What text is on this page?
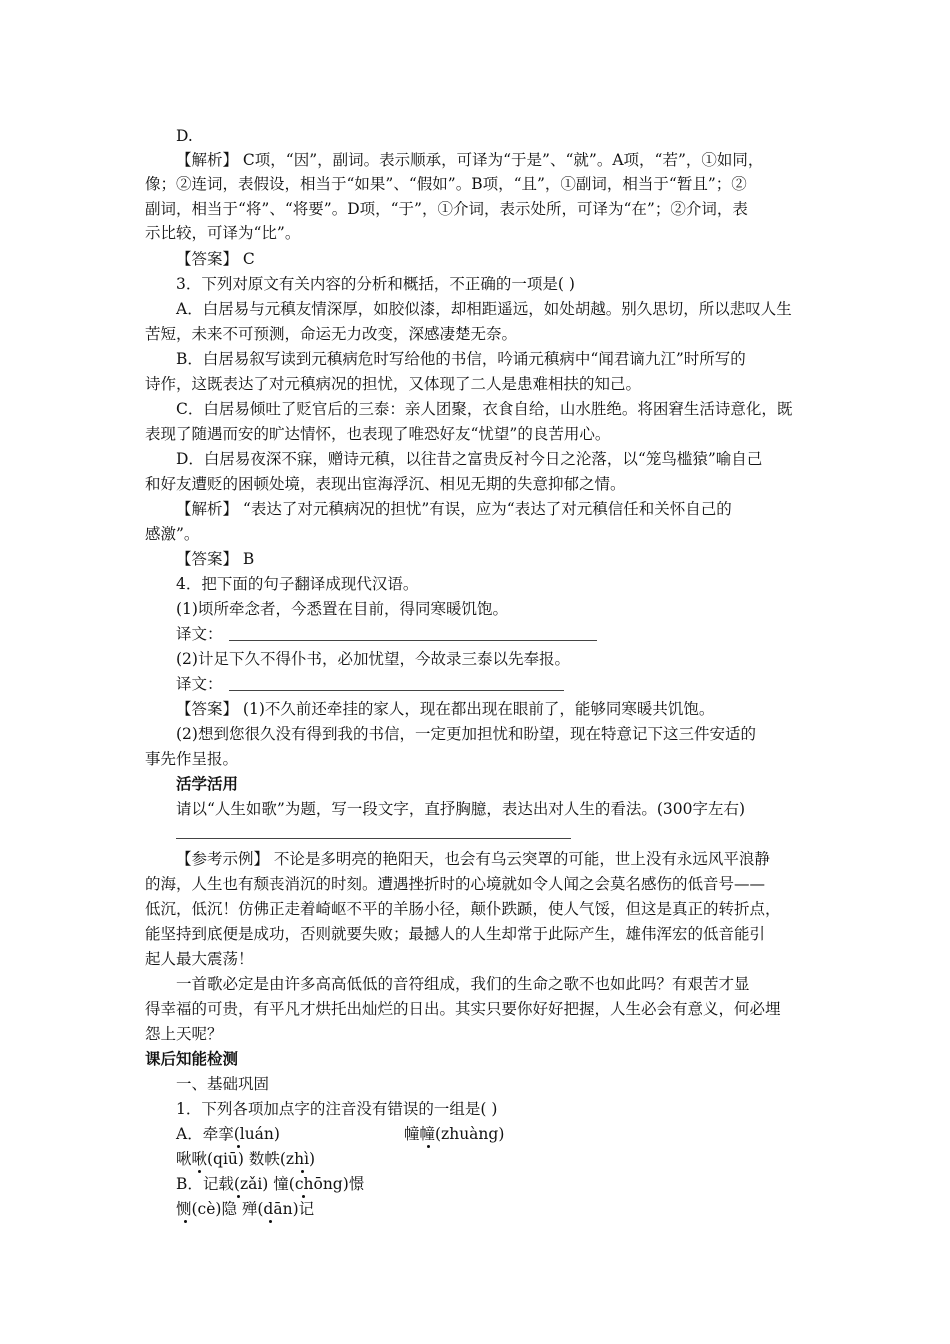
D.
【解析】 C项，“因”，副词。表示顺承，可译为“于是”、“就”。A项，“若”，①如同，
像；②连词，表假设，相当于“如果”、“假如”。B项，“且”，①副词，相当于“暂且”；②
副词，相当于“将”、“将要”。D项，“于”，①介词，表示处所，可译为“在”；②介词，表
示比较，可译为“比”。
【答案】 C
3．下列对原文有关内容的分析和概括，不正确的一项是( )
A．白居易与元稹友情深厚，如胶似漆，却相距遥远，如处胡越。别久思切，所以悲叹人生
苦短，未来不可预测，命运无力改变，深感凄楚无奈。
B．白居易叙写读到元稹病危时写给他的书信，吟诵元稹病中“闻君谪九江”时所写的
诗作，这既表达了对元稹病况的担忧，又体现了二人是患难相扶的知己。
C．白居易倾吐了贬官后的三泰：亲人团聚，衣食自给，山水胜绝。将困窘生活诗意化，既
表现了随遇而安的旷达情怀，也表现了唯恐好友“忧望”的良苦用心。
D．白居易夜深不寐，赠诗元稹，以往昔之富贵反衬今日之沦落，以“笼鸟槛猿”喻自己
和好友遭贬的困顿处境，表现出宦海浮沉、相见无期的失意抑郁之情。
【解析】 “表达了对元稹病况的担忧”有误，应为“表达了对元稹信任和关怀自己的
感激”。
【答案】 B
4．把下面的句子翻译成现代汉语。
(1)顷所牵念者，今悉置在目前，得同寒暖饥饱。
译文：
(2)计足下久不得仆书，必加忧望，今故录三泰以先奉报。
译文：
【答案】 (1)不久前还牵挂的家人，现在都出现在眼前了，能够同寒暖共饥饱。
(2)想到您很久没有得到我的书信，一定更加担忧和盼望，现在特意记下这三件安适的
事先作呈报。
活学活用
请以“人生如歌”为题，写一段文字，直抒胸臆，表达出对人生的看法。(300字左右)
【参考示例】 不论是多明亮的艳阳天，也会有乌云突罩的可能，世上没有永远风平浪静
的海，人生也有颓丧消沉的时刻。遭遇挫折时的心境就如令人闻之会莫名感伤的低音号——
低沉，低沉！仿佛正走着崎岖不平的羊肠小径，颠仆跌踬，使人气馁，但这是真正的转折点，
能坚持到底便是成功，否则就要失败；最撼人的人生却常于此际产生，雄伟浑宏的低音能引
起人最大震荡！
一首歌必定是由许多高高低低的音符组成，我们的生命之歌不也如此吗？有艰苦才显
得幸福的可贵，有平凡才烘托出灿烂的日出。其实只要你好好把握，人生必会有意义，何必埋
怨上天呢？
课后知能检测
一、基础巩固
1．下列各项加点字的注音没有错误的一组是( )
A．牵挛(luán)	幢幢(zhuàng)
啾啾(qiū) 数帙(zhì)
B．记载(zǎi) 憧(chōng)憬
恻(cè)隐 殚(dān)记
